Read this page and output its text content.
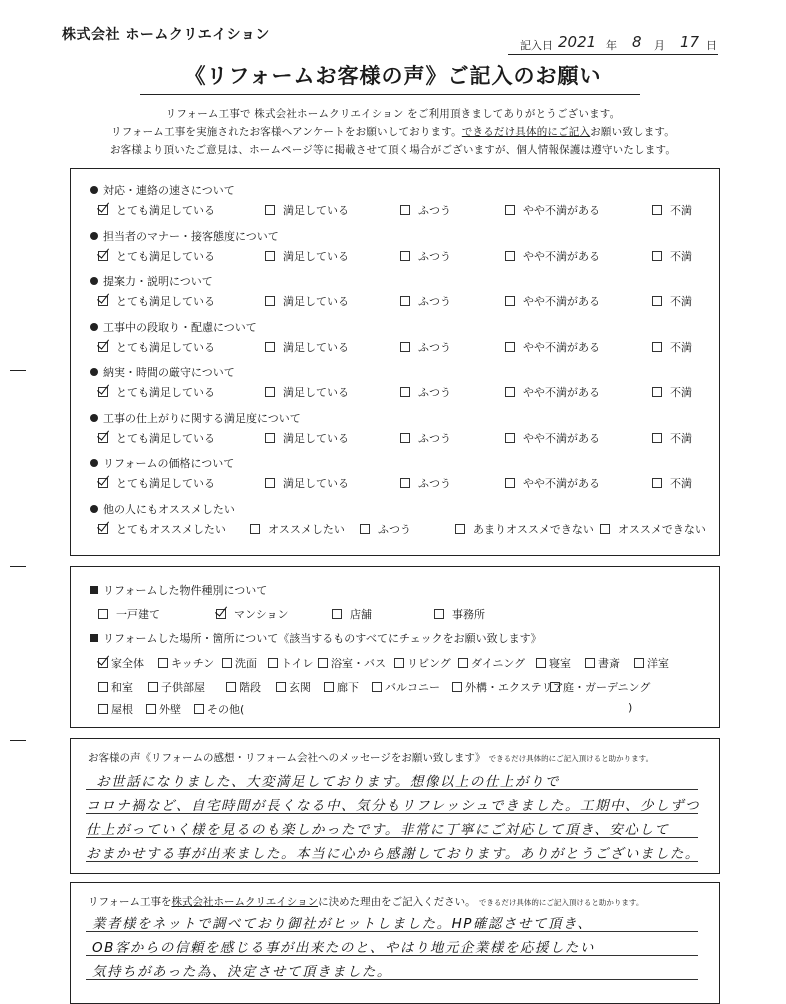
株式会社 ホームクリエイション
記入日 2021 年 8 月 17 日
《リフォームお客様の声》ご記入のお願い
リフォーム工事で 株式会社ホームクリエイション をご利用頂きましてありがとうございます。
リフォーム工事を実施されたお客様へアンケートをお願いしております。できるだけ具体的にご記入お願い致します。
お客様より頂いたご意見は、ホームページ等に掲載させて頂く場合がございますが、個人情報保護は遵守いたします。
対応・連絡の速さについて
とても満足している	満足している	ふつう	やや不満がある	不満
担当者のマナー・接客態度について
とても満足している	満足している	ふつう	やや不満がある	不満
提案力・説明について
とても満足している	満足している	ふつう	やや不満がある	不満
工事中の段取り・配慮について
とても満足している	満足している	ふつう	やや不満がある	不満
納実・時間の厳守について
とても満足している	満足している	ふつう	やや不満がある	不満
工事の仕上がりに関する満足度について
とても満足している	満足している	ふつう	やや不満がある	不満
リフォームの価格について
とても満足している	満足している	ふつう	やや不満がある	不満
他の人にもオススメしたい
とてもオススメしたい	オススメしたい	ふつう	あまりオススメできない	オススメできない
リフォームした物件種別について
一戸建て	マンション	店舗	事務所
リフォームした場所・箇所について《該当するものすべてにチェックをお願い致します》
家全体	キッチン	洗面	トイレ	浴室・バス	リビング	ダイニング	寝室	書斎	洋室
和室	子供部屋	階段	玄関	廊下	バルコニー	外構・エクステリア 庭・ガーデニング
屋根	外壁	その他(	)
お客様の声《リフォームの感想・リフォーム会社へのメッセージをお願い致します》 できるだけ具体的にご記入頂けると助かります。
お世話になりました、大変満足しております。想像以上の仕上がりで
コロナ禍など、自宅時間が長くなる中、気分もリフレッシュできました。工期中、少しずつ
仕上がっていく様を見るのも楽しかったです。非常に丁寧にご対応して頂き、安心して
おまかせする事が出来ました。本当に心から感謝しております。ありがとうございました。
リフォーム工事を株式会社ホームクリエイションに決めた理由をご記入ください。 できるだけ具体的にご記入頂けると助かります。
業者様をネットで調べており御社がヒットしました。HP確認させて頂き、
OB客からの信頼を感じる事が出来たのと、やはり地元企業様を応援したい
気持ちがあった為、決定させて頂きました。
